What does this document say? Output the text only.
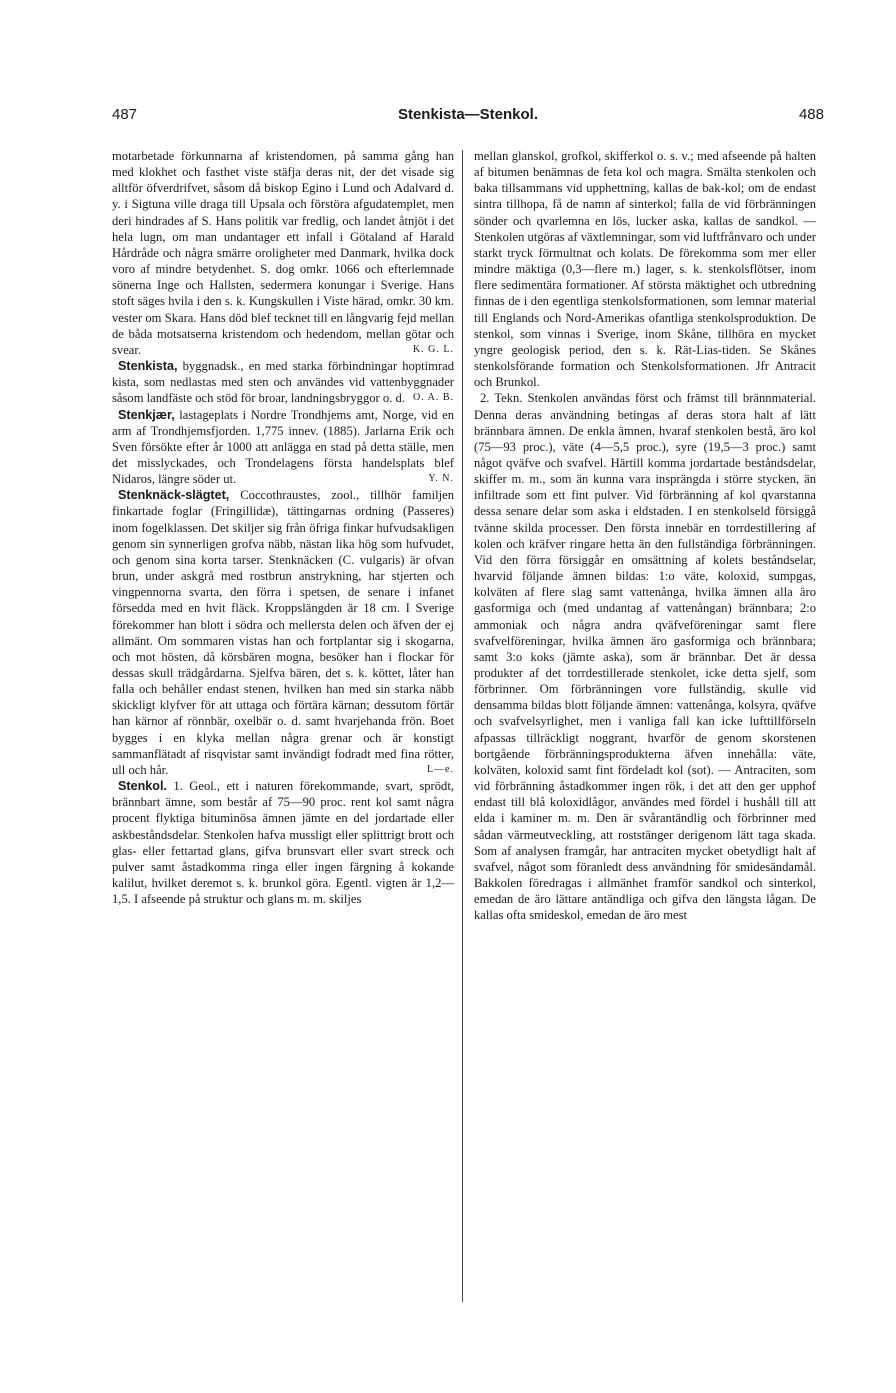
487	Stenkista—Stenkol.	488

motarbetade förkunnarna af kristendomen, på samma gång han med klokhet och fasthet viste stäfja deras nit, der det visade sig alltför öfverdrifvet, såsom då biskop Egino i Lund och Adalvard d. y. i Sigtuna ville draga till Upsala och förstöra afgudatemplet, men deri hindrades af S. Hans politik var fredlig, och landet åtnjöt i det hela lugn, om man undantager ett infall i Götaland af Harald Hårdråde och några smärre oroligheter med Danmark, hvilka dock voro af mindre betydenhet. S. dog omkr. 1066 och efterlemnade sönerna Inge och Hallsten, sedermera konungar i Sverige. Hans stoft säges hvila i den s. k. Kungskullen i Viste härad, omkr. 30 km. vester om Skara. Hans död blef tecknet till en långvarig fejd mellan de båda motsatserna kristendom och hedendom, mellan götar och svear.	K. G. L.

Stenkista, byggnadsk., en med starka förbindningar hoptimrad kista, som nedlastas med sten och användes vid vattenbyggnader såsom landfäste och stöd för broar, landningsbryggor o. d. O. A. B.

Stenkjær, lastageplats i Nordre Trondhjems amt, Norge, vid en arm af Trondhjemsfjorden. 1,775 innev. (1885). Jarlarna Erik och Sven försökte efter år 1000 att anlägga en stad på detta ställe, men det misslyckades, och Trondelagens första handelsplats blef Nidaros, längre söder ut.	Y. N.

Stenknäck-slägtet, Coccothraustes, zool., tillhör familjen finkartade foglar (Fringillidæ), tättingarnas ordning (Passeres) inom fogelklassen. Det skiljer sig från öfriga finkar hufvudsakligen genom sin synnerligen grofva näbb, nästan lika hög som hufvudet, och genom sina korta tarser. Stenknäcken (C. vulgaris) är ofvan brun, under askgrå med rostbrun anstrykning, har stjerten och vingpennorna svarta, den förra i spetsen, de senare i infanet försedda med en hvit fläck. Kroppslängden är 18 cm. I Sverige förekommer han blott i södra och mellersta delen och äfven der ej allmänt. Om sommaren vistas han och fortplantar sig i skogarna, och mot hösten, då körsbären mogna, besöker han i flockar för dessas skull trädgårdarna. Sjelfva bären, det s. k. köttet, låter han falla och behåller endast stenen, hvilken han med sin starka näbb skickligt klyfver för att uttaga och förtära kärnan; dessutom förtär han kärnor af rönnbär, oxelbär o. d. samt hvarjehanda frön. Boet bygges i en klyka mellan några grenar och är konstigt sammanflätadt af risqvistar samt invändigt fodradt med fina rötter, ull och hår.	L—e.

Stenkol. 1. Geol., ett i naturen förekommande, svart, sprödt, brännbart ämne, som består af 75—90 proc. rent kol samt några procent flyktiga bituminösa ämnen jämte en del jordartade eller askbeståndsdelar. Stenkolen hafva mussligt eller splittrigt brott och glas- eller fettartad glans, gifva brunsvart eller svart streck och pulver samt åstadkomma ringa eller ingen färgning å kokande kalilut, hvilket deremot s. k. brunkol göra. Egentl. vigten är 1,2—1,5. I afseende på struktur och glans m. m. skiljes

mellan glanskol, grofkol, skifferkol o. s. v.; med afseende på halten af bitumen benämnas de feta kol och magra. Smälta stenkolen och baka tillsammans vid upphettning, kallas de bak-kol; om de endast sintra tillhopa, få de namn af sinterkol; falla de vid förbränningen sönder och qvarlemna en lös, lucker aska, kallas de sandkol. — Stenkolen utgöras af växtlemningar, som vid luftfrånvaro och under starkt tryck förmultnat och kolats. De förekomma som mer eller mindre mäktiga (0,3—flere m.) lager, s. k. stenkolsflötser, inom flere sedimentära formationer. Af största mäktighet och utbredning finnas de i den egentliga stenkolsformationen, som lemnar material till Englands och Nord-Amerikas ofantliga stenkolsproduktion. De stenkol, som vinnas i Sverige, inom Skåne, tillhöra en mycket yngre geologisk period, den s. k. Rät-Lias-tiden. Se Skånes stenkolsförande formation och Stenkolsformationen. Jfr Antracit och Brunkol.

2. Tekn. Stenkolen användas först och främst till brännmaterial. Denna deras användning betingas af deras stora halt af lätt brännbara ämnen. De enkla ämnen, hvaraf stenkolen bestå, äro kol (75—93 proc.), väte (4—5,5 proc.), syre (19,5—3 proc.) samt något qväfve och svafvel. Härtill komma jordartade beståndsdelar, skiffer m. m., som än kunna vara insprängda i större stycken, än infiltrade som ett fint pulver. Vid förbränning af kol qvarstanna dessa senare delar som aska i eldstaden. I en stenkolseld försiggå tvänne skilda processer. Den första innebär en torrdestillering af kolen och kräfver ringare hetta än den fullständiga förbränningen. Vid den förra försiggår en omsättning af kolets beståndselar, hvarvid följande ämnen bildas: 1:o väte, koloxid, sumpgas, kolväten af flere slag samt vattenånga, hvilka ämnen alla äro gasformiga och (med undantag af vattenångan) brännbara; 2:o ammoniak och några andra qväfveföreningar samt flere svafvelföreningar, hvilka ämnen äro gasformiga och brännbara; samt 3:o koks (jämte aska), som är brännbar. Det är dessa produkter af det torrdestillerade stenkolet, icke detta sjelf, som förbrinner. Om förbränningen vore fullständig, skulle vid densamma bildas blott följande ämnen: vattenånga, kolsyra, qväfve och svafvelsyrlighet, men i vanliga fall kan icke lufttillförseln afpassas tillräckligt noggrant, hvarför de genom skorstenen bortgående förbränningsprodukterna äfven innehålla: väte, kolväten, koloxid samt fint fördeladt kol (sot). — Antraciten, som vid förbränning åstadkommer ingen rök, i det att den ger upphof endast till blå koloxidlågor, användes med fördel i hushåll till att elda i kaminer m. m. Den är svårantändlig och förbrinner med sådan värmeutveckling, att roststänger derigenom lätt taga skada. Som af analysen framgår, har antraciten mycket obetydligt halt af svafvel, något som föranledt dess användning för smidesändamål. Bakkolen föredragas i allmänhet framför sandkol och sinterkol, emedan de äro lättare antändliga och gifva den längsta lågan. De kallas ofta smideskol, emedan de äro mest
